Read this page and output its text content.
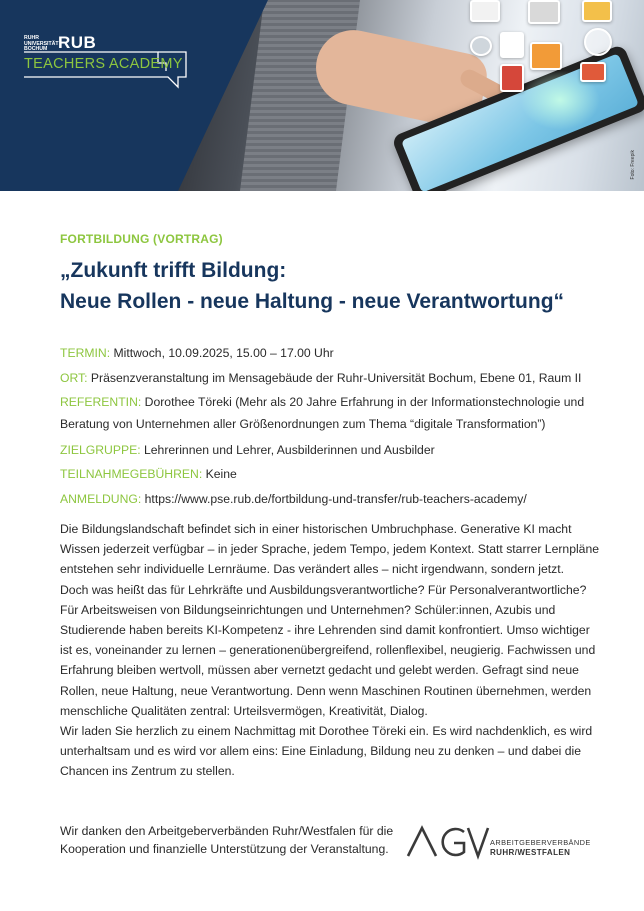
Foto: Freepik
RUHR
UNIVERSITÄT
BOCHUM RUB
TEACHERS ACADEMY
FORTBILDUNG (VORTRAG)
„Zukunft trifft Bildung:
Neue Rollen - neue Haltung - neue Verantwortung“
TERMIN: Mittwoch, 10.09.2025, 15.00 – 17.00 Uhr
ORT: Präsenzveranstaltung im Mensagebäude der Ruhr-Universität Bochum, Ebene 01, Raum II
REFERENTIN: Dorothee Töreki (Mehr als 20 Jahre Erfahrung in der Informationstechnologie und Beratung von Unternehmen aller Größenordnungen zum Thema “digitale Transformation”)
ZIELGRUPPE: Lehrerinnen und Lehrer, Ausbilderinnen und Ausbilder
TEILNAHMEGEBÜHREN: Keine
ANMELDUNG: https://www.pse.rub.de/fortbildung-und-transfer/rub-teachers-academy/

Die Bildungslandschaft befindet sich in einer historischen Umbruchphase. Generative KI macht Wissen jederzeit verfügbar – in jeder Sprache, jedem Tempo, jedem Kontext. Statt starrer Lernpläne entstehen sehr individuelle Lernräume. Das verändert alles – nicht irgendwann, sondern jetzt.

Doch was heißt das für Lehrkräfte und Ausbildungsverantwortliche? Für Personalverantwortliche? Für Arbeitsweisen von Bildungseinrichtungen und Unternehmen? Schüler:innen, Azubis und Studierende haben bereits KI-Kompetenz - ihre Lehrenden sind damit konfrontiert. Umso wichtiger ist es, voneinander zu lernen – generationenübergreifend, rollenflexibel, neugierig. Fachwissen und Erfahrung bleiben wertvoll, müssen aber vernetzt gedacht und gelebt werden. Gefragt sind neue Rollen, neue Haltung, neue Verantwortung. Denn wenn Maschinen Routinen übernehmen, werden menschliche Qualitäten zentral: Urteilsvermögen, Kreativität, Dialog.

Wir laden Sie herzlich zu einem Nachmittag mit Dorothee Töreki ein. Es wird nachdenklich, es wird unterhaltsam und es wird vor allem eins: Eine Einladung, Bildung neu zu denken – und dabei die Chancen ins Zentrum zu stellen.

Wir danken den Arbeitgeberverbänden Ruhr/Westfalen für die Kooperation und finanzielle Unterstützung der Veranstaltung.	ARBEITGEBERVERBÄNDE
RUHR/WESTFALEN
